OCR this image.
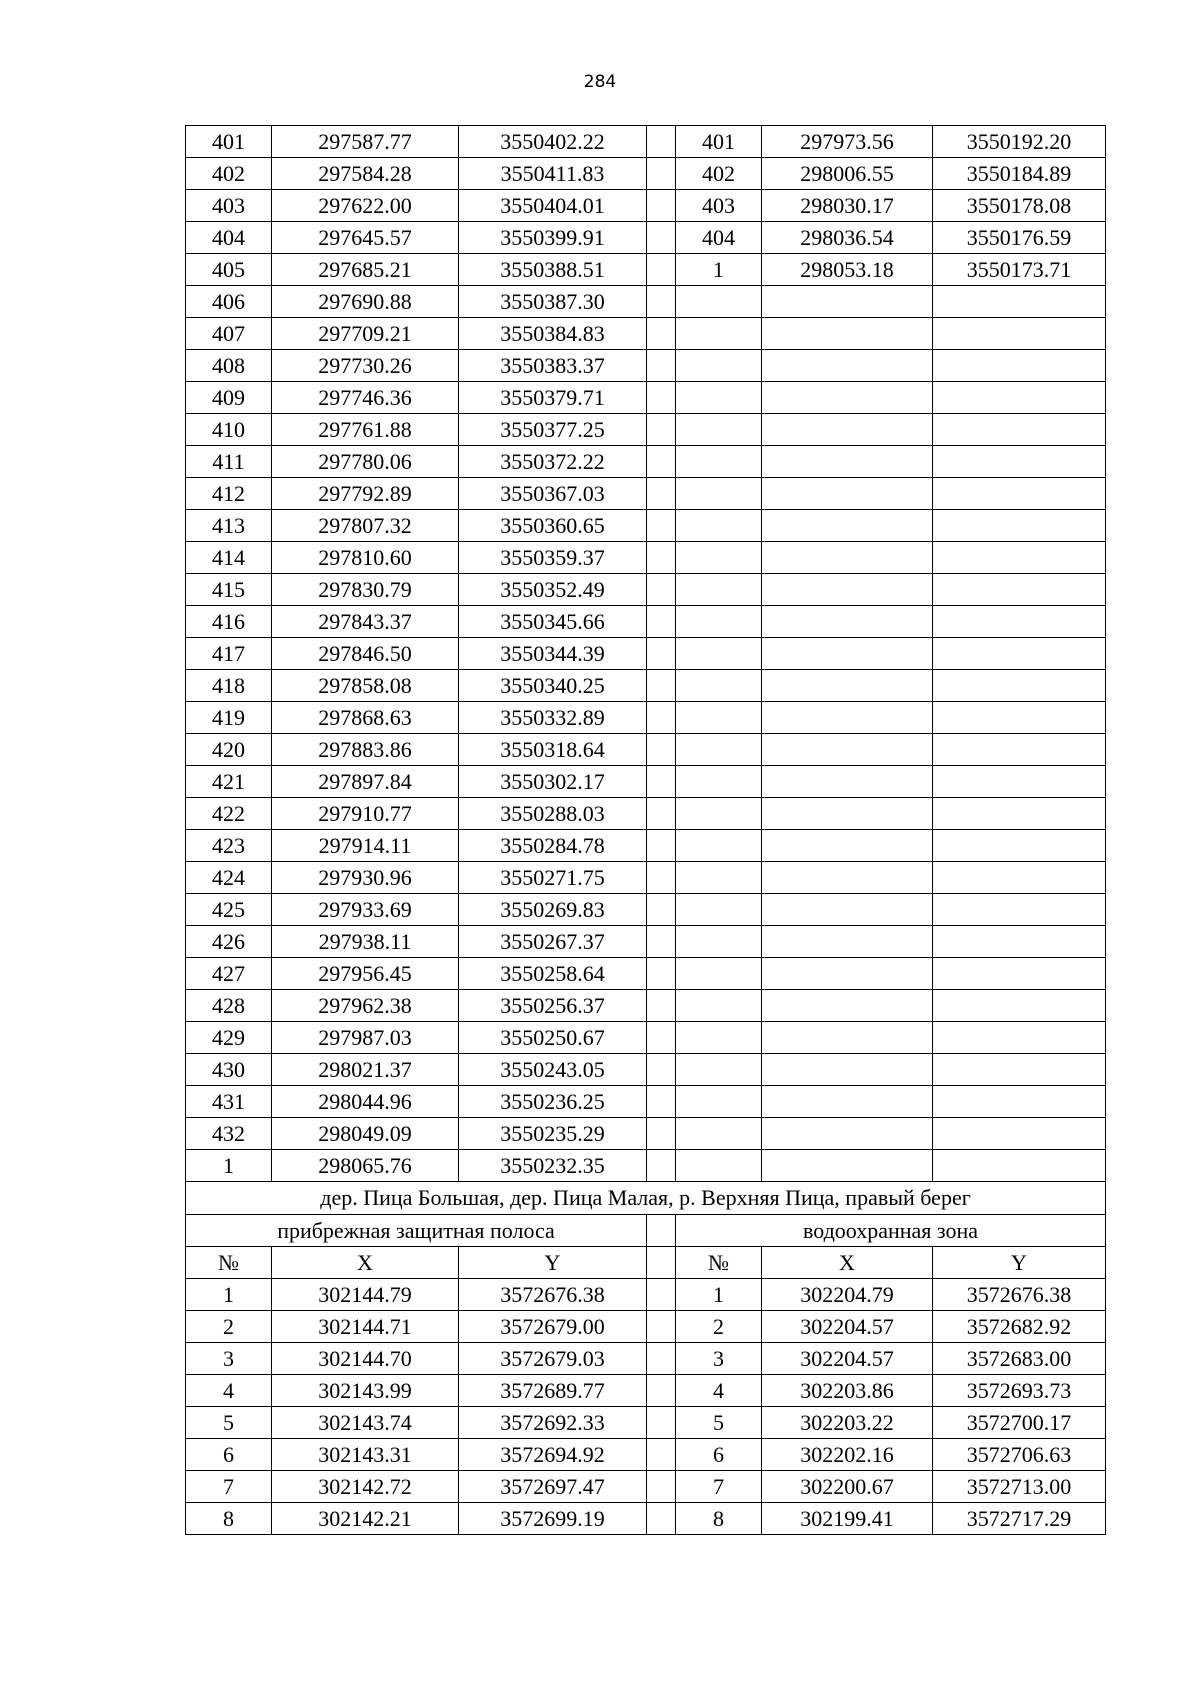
284
401	297587.77	3550402.22		401	297973.56	3550192.20
402	297584.28	3550411.83		402	298006.55	3550184.89
403	297622.00	3550404.01		403	298030.17	3550178.08
404	297645.57	3550399.91		404	298036.54	3550176.59
405	297685.21	3550388.51		1	298053.18	3550173.71
406	297690.88	3550387.30				
407	297709.21	3550384.83				
408	297730.26	3550383.37				
409	297746.36	3550379.71				
410	297761.88	3550377.25				
411	297780.06	3550372.22				
412	297792.89	3550367.03				
413	297807.32	3550360.65				
414	297810.60	3550359.37				
415	297830.79	3550352.49				
416	297843.37	3550345.66				
417	297846.50	3550344.39				
418	297858.08	3550340.25				
419	297868.63	3550332.89				
420	297883.86	3550318.64				
421	297897.84	3550302.17				
422	297910.77	3550288.03				
423	297914.11	3550284.78				
424	297930.96	3550271.75				
425	297933.69	3550269.83				
426	297938.11	3550267.37				
427	297956.45	3550258.64				
428	297962.38	3550256.37				
429	297987.03	3550250.67				
430	298021.37	3550243.05				
431	298044.96	3550236.25				
432	298049.09	3550235.29				
1	298065.76	3550232.35				
дер. Пица Большая, дер. Пица Малая, р. Верхняя Пица, правый берег						
прибрежная защитная полоса				водоохранная зона		
№	X	Y		№	X	Y
1	302144.79	3572676.38		1	302204.79	3572676.38
2	302144.71	3572679.00		2	302204.57	3572682.92
3	302144.70	3572679.03		3	302204.57	3572683.00
4	302143.99	3572689.77		4	302203.86	3572693.73
5	302143.74	3572692.33		5	302203.22	3572700.17
6	302143.31	3572694.92		6	302202.16	3572706.63
7	302142.72	3572697.47		7	302200.67	3572713.00
8	302142.21	3572699.19		8	302199.41	3572717.29
